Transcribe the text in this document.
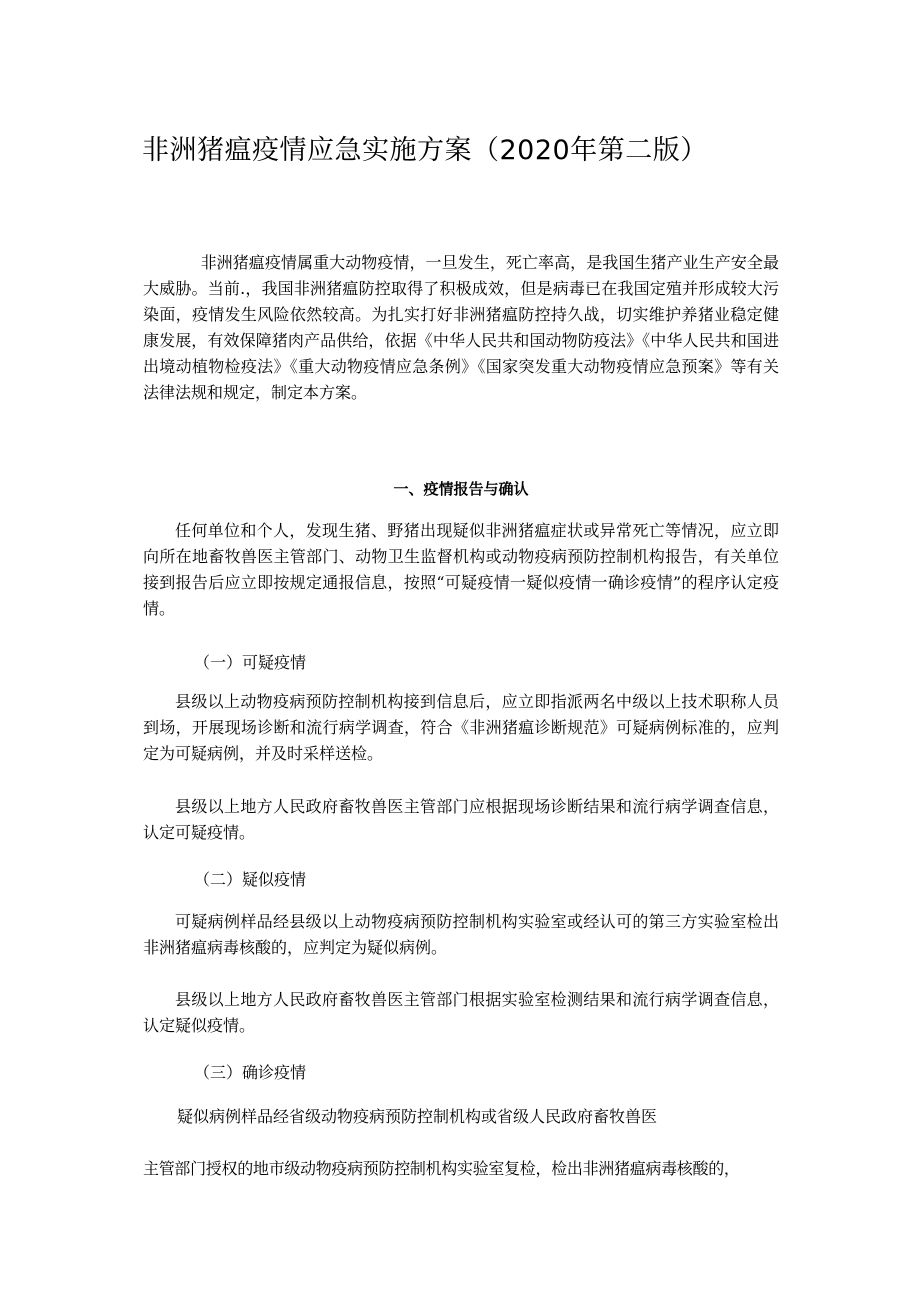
非洲猪瘟疫情应急实施方案（2020年第二版）
非洲猪瘟疫情属重大动物疫情，一旦发生，死亡率高，是我国生猪产业生产安全最大威胁。当前.，我国非洲猪瘟防控取得了积极成效，但是病毒已在我国定殖并形成较大污染面，疫情发生风险依然较高。为扎实打好非洲猪瘟防控持久战，切实维护养猪业稳定健康发展，有效保障猪肉产品供给，依据《中华人民共和国动物防疫法》《中华人民共和国进出境动植物检疫法》《重大动物疫情应急条例》《国家突发重大动物疫情应急预案》等有关法律法规和规定，制定本方案。
一、疫情报告与确认
任何单位和个人，发现生猪、野猪出现疑似非洲猪瘟症状或异常死亡等情况，应立即向所在地畜牧兽医主管部门、动物卫生监督机构或动物疫病预防控制机构报告，有关单位接到报告后应立即按规定通报信息，按照“可疑疫情一疑似疫情一确诊疫情”的程序认定疫情。
（一）可疑疫情
县级以上动物疫病预防控制机构接到信息后，应立即指派两名中级以上技术职称人员到场，开展现场诊断和流行病学调查，符合《非洲猪瘟诊断规范》可疑病例标准的，应判定为可疑病例，并及时采样送检。
县级以上地方人民政府畜牧兽医主管部门应根据现场诊断结果和流行病学调查信息，认定可疑疫情。
（二）疑似疫情
可疑病例样品经县级以上动物疫病预防控制机构实验室或经认可的第三方实验室检出非洲猪瘟病毒核酸的，应判定为疑似病例。
县级以上地方人民政府畜牧兽医主管部门根据实验室检测结果和流行病学调查信息，认定疑似疫情。
（三）确诊疫情
疑似病例样品经省级动物疫病预防控制机构或省级人民政府畜牧兽医
主管部门授权的地市级动物疫病预防控制机构实验室复检，检出非洲猪瘟病毒核酸的，
